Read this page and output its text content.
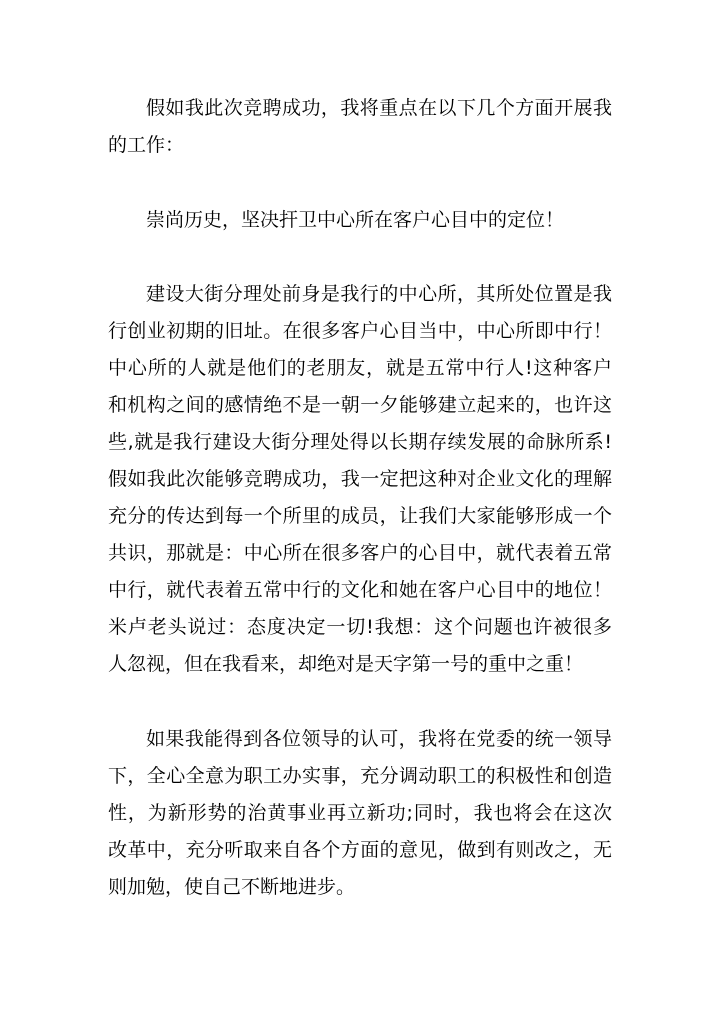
假如我此次竞聘成功，我将重点在以下几个方面开展我
的工作：
崇尚历史，坚决扞卫中心所在客户心目中的定位！
建设大街分理处前身是我行的中心所，其所处位置是我
行创业初期的旧址。在很多客户心目当中，中心所即中行！
中心所的人就是他们的老朋友，就是五常中行人!这种客户
和机构之间的感情绝不是一朝一夕能够建立起来的，也许这
些,就是我行建设大街分理处得以长期存续发展的命脉所系!
假如我此次能够竞聘成功，我一定把这种对企业文化的理解
充分的传达到每一个所里的成员，让我们大家能够形成一个
共识，那就是：中心所在很多客户的心目中，就代表着五常
中行，就代表着五常中行的文化和她在客户心目中的地位！
米卢老头说过：态度决定一切!我想：这个问题也许被很多
人忽视，但在我看来，却绝对是天字第一号的重中之重！
如果我能得到各位领导的认可，我将在党委的统一领导
下，全心全意为职工办实事，充分调动职工的积极性和创造
性，为新形势的治黄事业再立新功;同时，我也将会在这次
改革中，充分听取来自各个方面的意见，做到有则改之，无
则加勉，使自己不断地进步。
